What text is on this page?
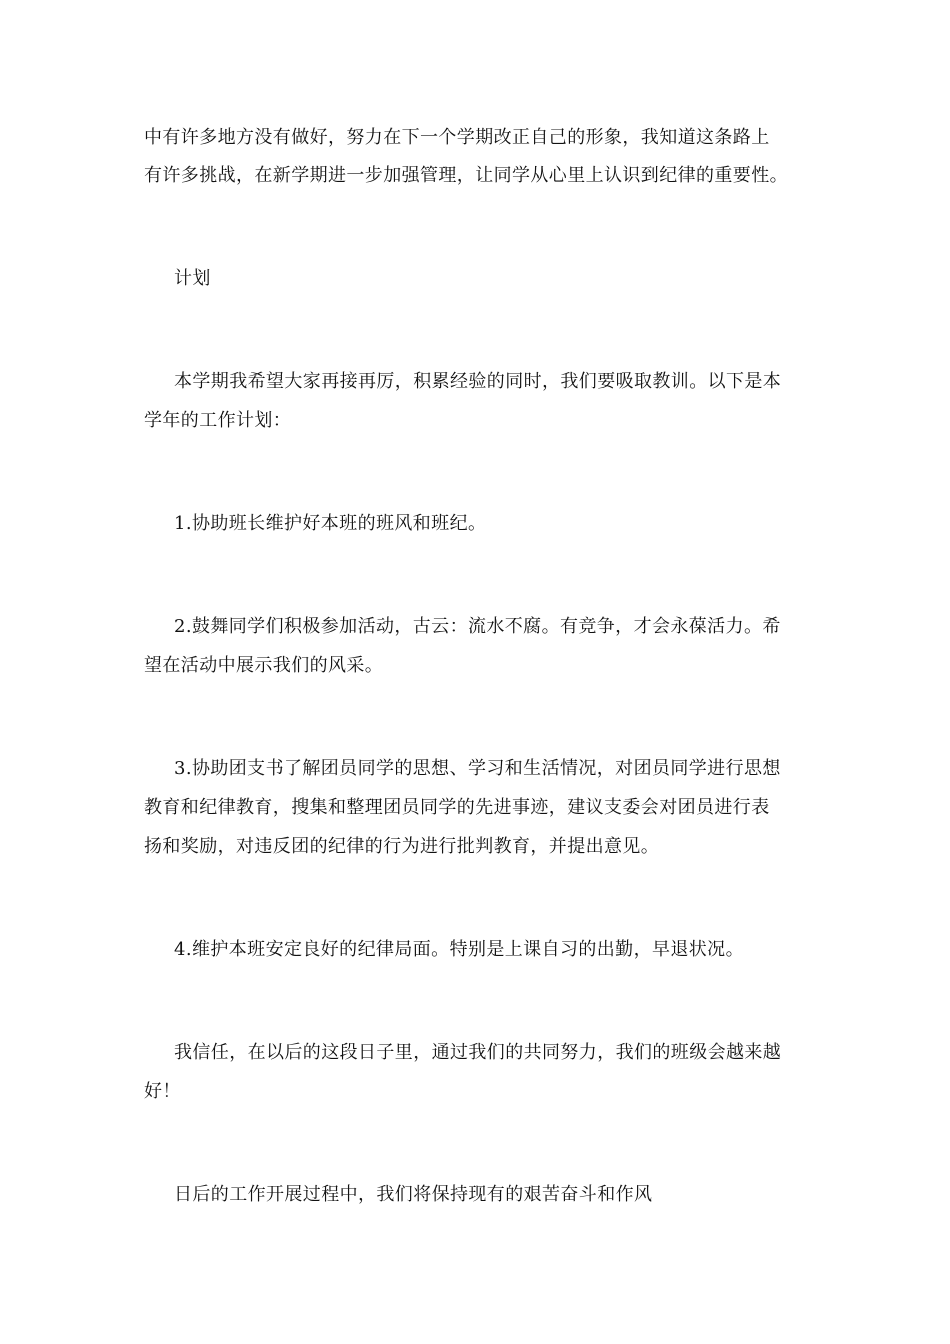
中有许多地方没有做好，努力在下一个学期改正自己的形象，我知道这条路上
有许多挑战，在新学期进一步加强管理，让同学从心里上认识到纪律的重要性。
计划
本学期我希望大家再接再厉，积累经验的同时，我们要吸取教训。以下是本
学年的工作计划：
1.协助班长维护好本班的班风和班纪。
2.鼓舞同学们积极参加活动，古云：流水不腐。有竞争，才会永葆活力。希
望在活动中展示我们的风采。
3.协助团支书了解团员同学的思想、学习和生活情况，对团员同学进行思想
教育和纪律教育，搜集和整理团员同学的先进事迹，建议支委会对团员进行表
扬和奖励，对违反团的纪律的行为进行批判教育，并提出意见。
4.维护本班安定良好的纪律局面。特别是上课自习的出勤，早退状况。
我信任，在以后的这段日子里，通过我们的共同努力，我们的班级会越来越
好！
日后的工作开展过程中，我们将保持现有的艰苦奋斗和作风
